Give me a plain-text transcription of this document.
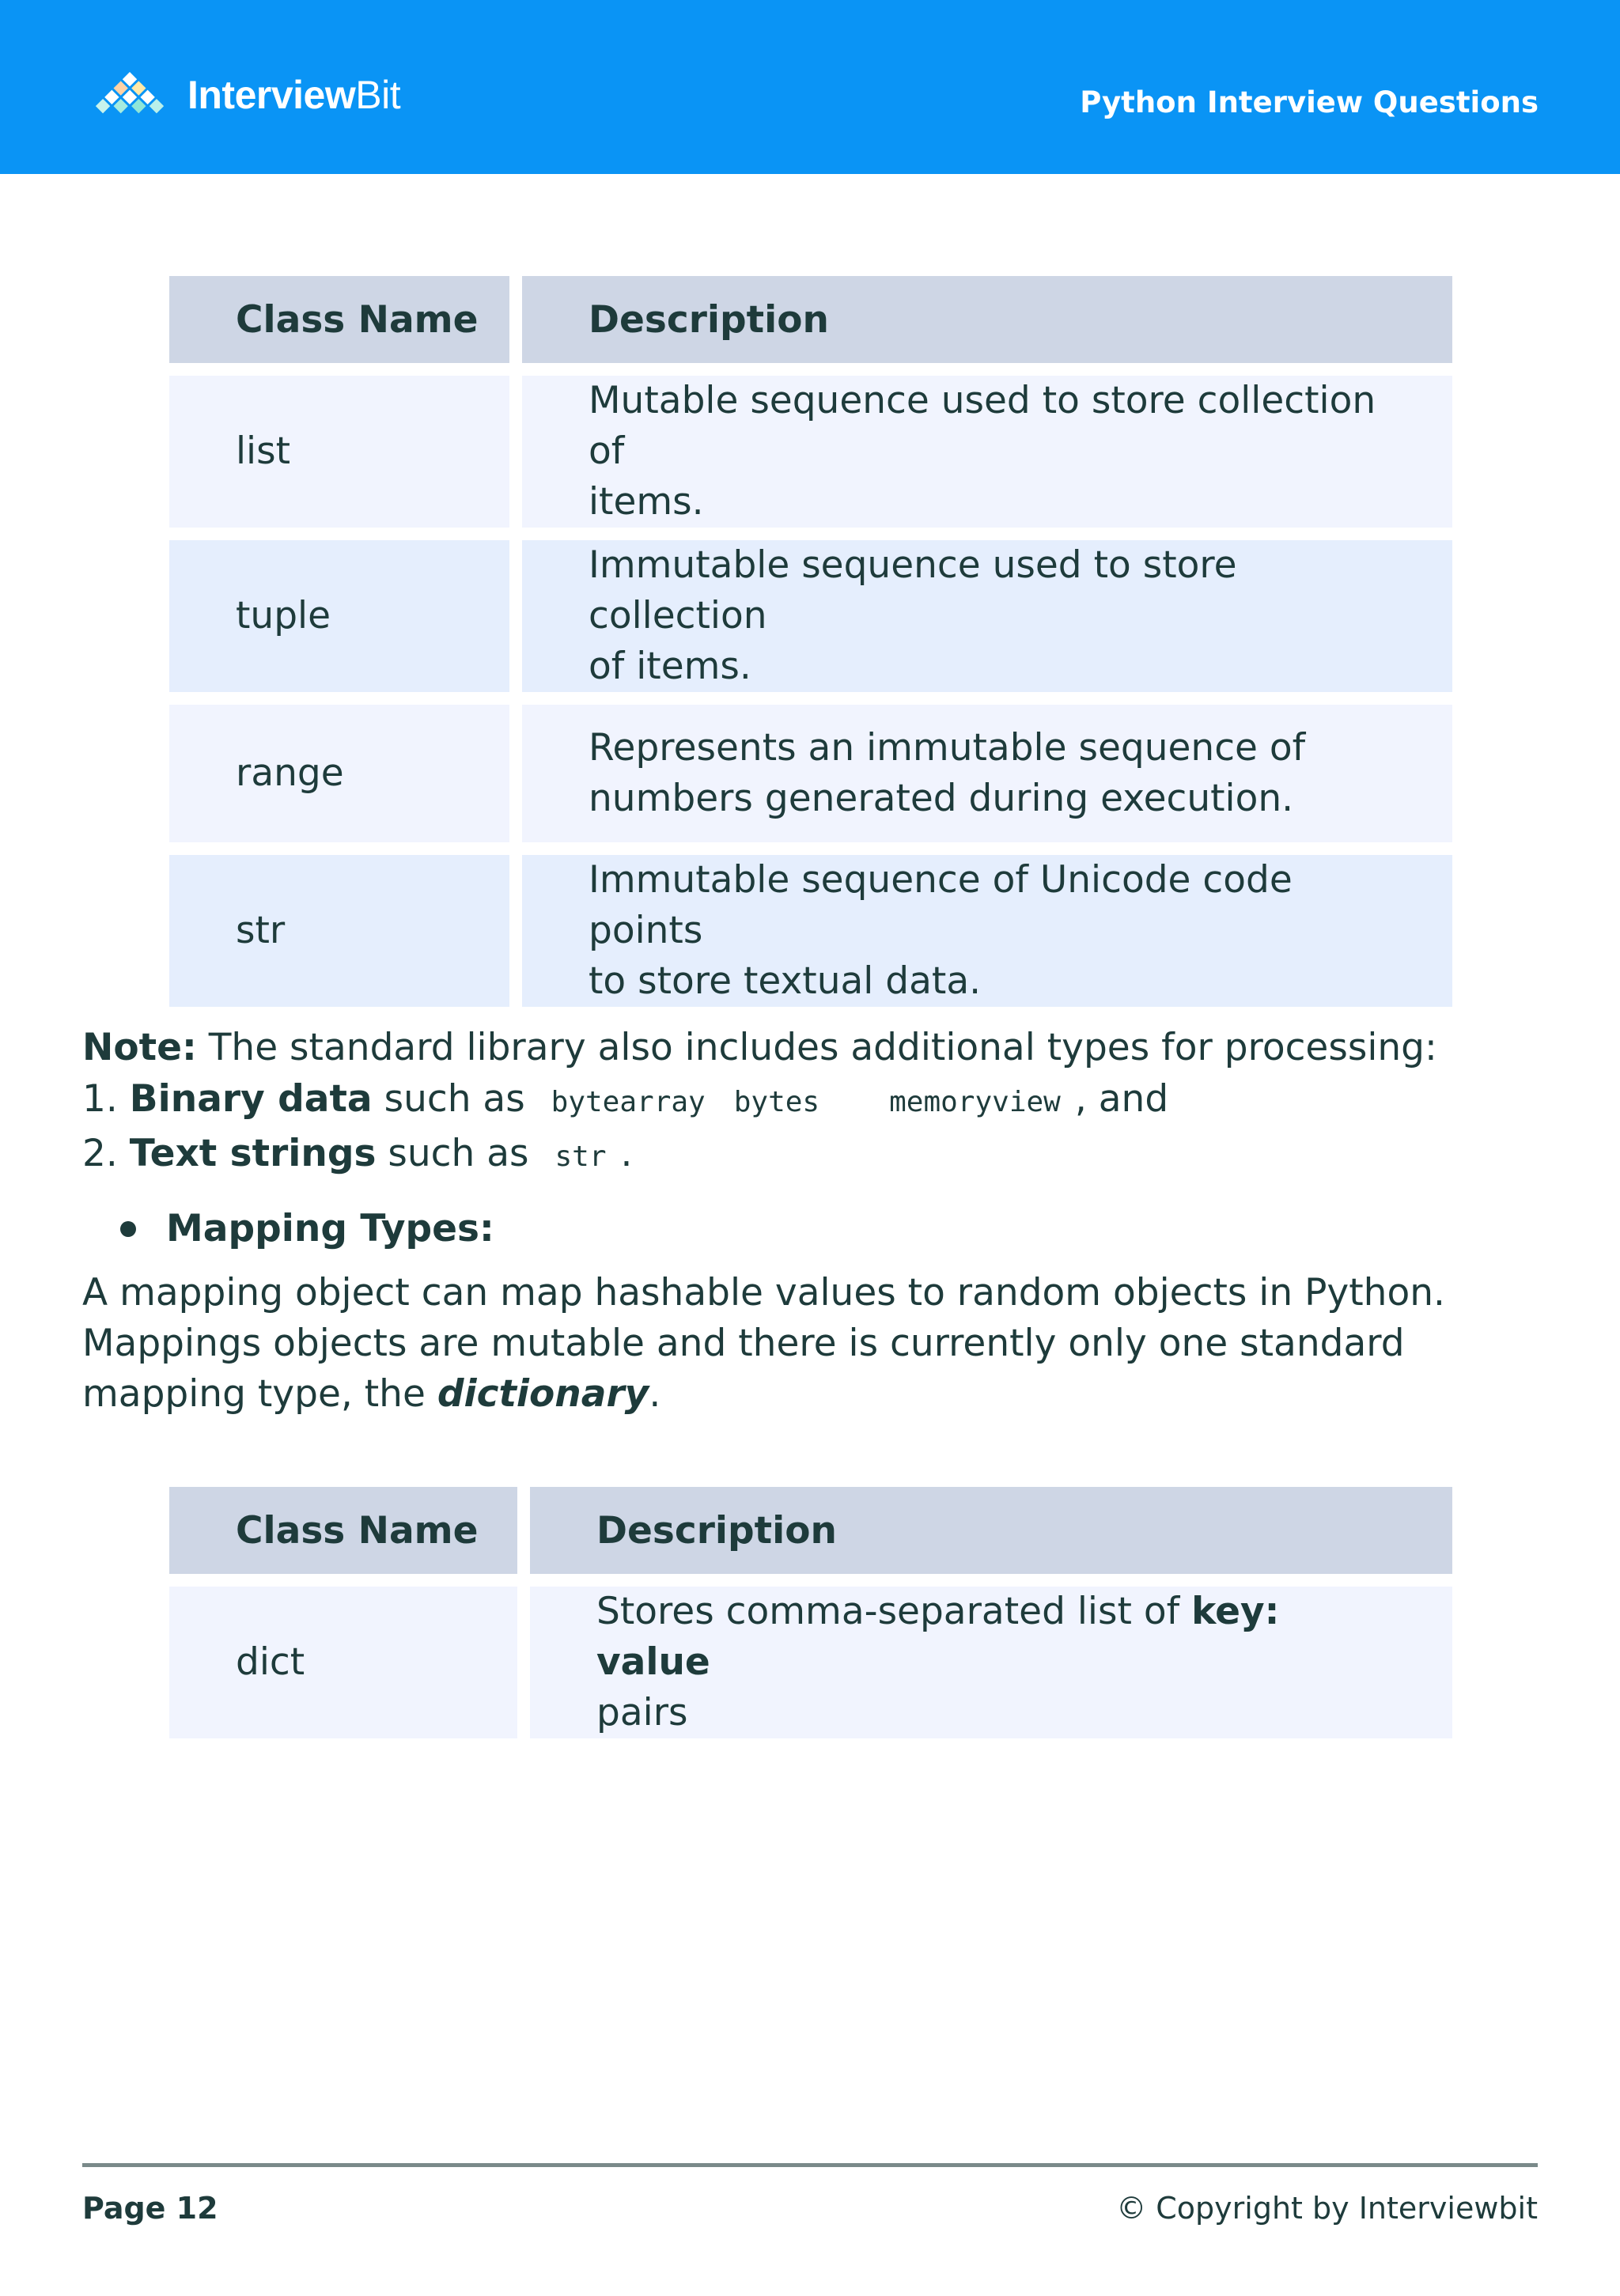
InterviewBit	Python Interview Questions
Class Name	Description
list	Mutable sequence used to store collection of
items.
tuple	Immutable sequence used to store collection
of items.
range	Represents an immutable sequence of
numbers generated during execution.
str	Immutable sequence of Unicode code points
to store textual data.
Note: The standard library also includes additional types for processing:
1. Binary data such as bytearray bytes memoryview , and
2. Text strings such as str .
Mapping Types:
A mapping object can map hashable values to random objects in Python. Mappings objects are mutable and there is currently only one standard mapping type, the dictionary.
Class Name	Description
dict	Stores comma-separated list of key: value
pairs
Page 12	© Copyright by Interviewbit
